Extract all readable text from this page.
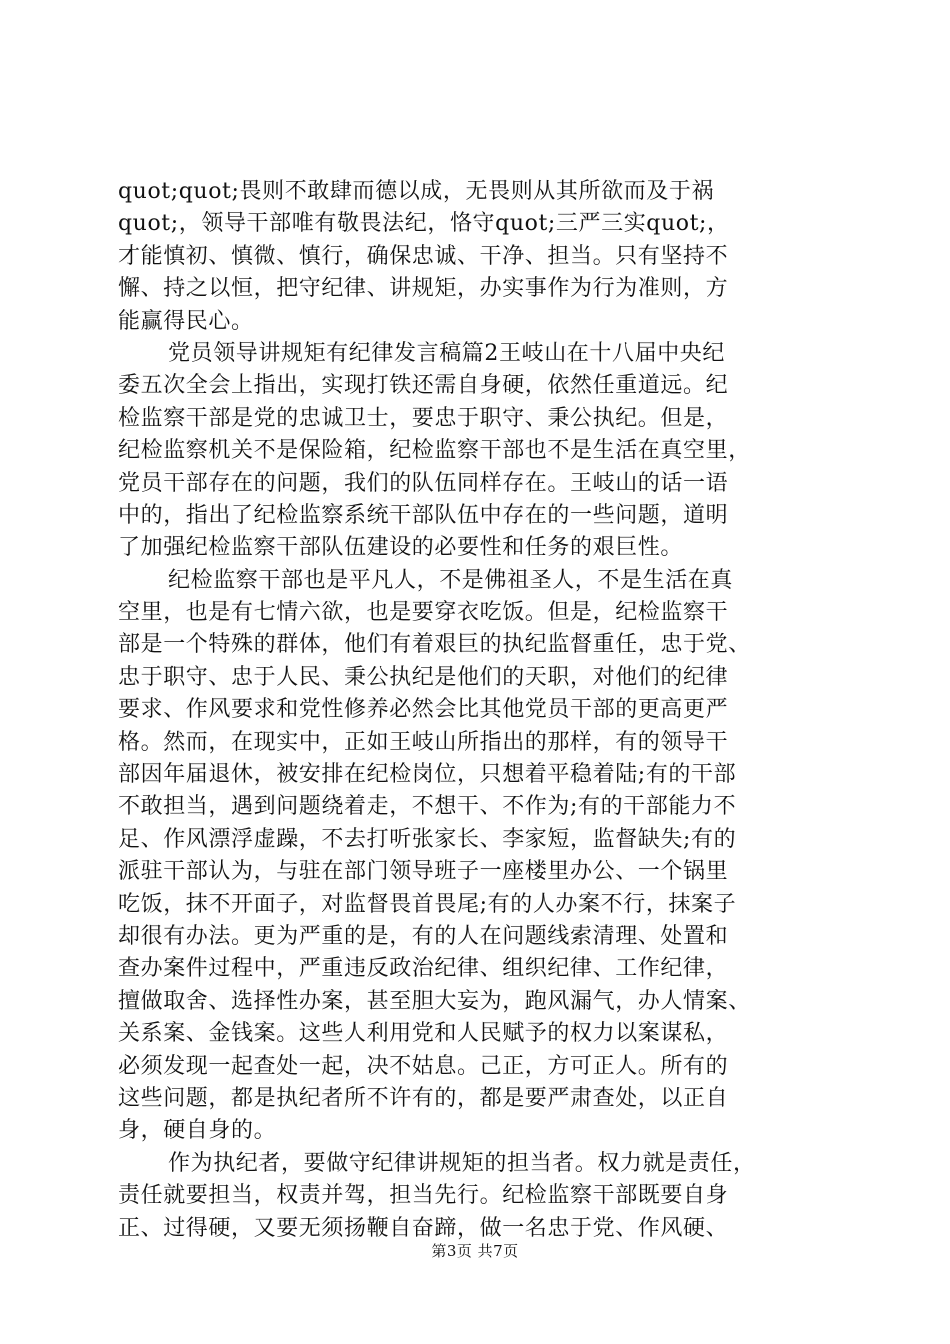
quot;quot;畏则不敢肆而德以成，无畏则从其所欲而及于祸
quot;，领导干部唯有敬畏法纪，恪守quot;三严三实quot;，
才能慎初、慎微、慎行，确保忠诚、干净、担当。只有坚持不
懈、持之以恒，把守纪律、讲规矩，办实事作为行为准则，方
能赢得民心。
党员领导讲规矩有纪律发言稿篇2王岐山在十八届中央纪
委五次全会上指出，实现打铁还需自身硬，依然任重道远。纪
检监察干部是党的忠诚卫士，要忠于职守、秉公执纪。但是，
纪检监察机关不是保险箱，纪检监察干部也不是生活在真空里，
党员干部存在的问题，我们的队伍同样存在。王岐山的话一语
中的，指出了纪检监察系统干部队伍中存在的一些问题，道明
了加强纪检监察干部队伍建设的必要性和任务的艰巨性。
纪检监察干部也是平凡人，不是佛祖圣人，不是生活在真
空里，也是有七情六欲，也是要穿衣吃饭。但是，纪检监察干
部是一个特殊的群体，他们有着艰巨的执纪监督重任，忠于党、
忠于职守、忠于人民、秉公执纪是他们的天职，对他们的纪律
要求、作风要求和党性修养必然会比其他党员干部的更高更严
格。然而，在现实中，正如王岐山所指出的那样，有的领导干
部因年届退休，被安排在纪检岗位，只想着平稳着陆;有的干部
不敢担当，遇到问题绕着走，不想干、不作为;有的干部能力不
足、作风漂浮虚躁，不去打听张家长、李家短，监督缺失;有的
派驻干部认为，与驻在部门领导班子一座楼里办公、一个锅里
吃饭，抹不开面子，对监督畏首畏尾;有的人办案不行，抹案子
却很有办法。更为严重的是，有的人在问题线索清理、处置和
查办案件过程中，严重违反政治纪律、组织纪律、工作纪律，
擅做取舍、选择性办案，甚至胆大妄为，跑风漏气，办人情案、
关系案、金钱案。这些人利用党和人民赋予的权力以案谋私，
必须发现一起查处一起，决不姑息。己正，方可正人。所有的
这些问题，都是执纪者所不许有的，都是要严肃查处，以正自
身，硬自身的。
作为执纪者，要做守纪律讲规矩的担当者。权力就是责任，
责任就要担当，权责并驾，担当先行。纪检监察干部既要自身
正、过得硬，又要无须扬鞭自奋蹄，做一名忠于党、作风硬、
第3页 共7页
